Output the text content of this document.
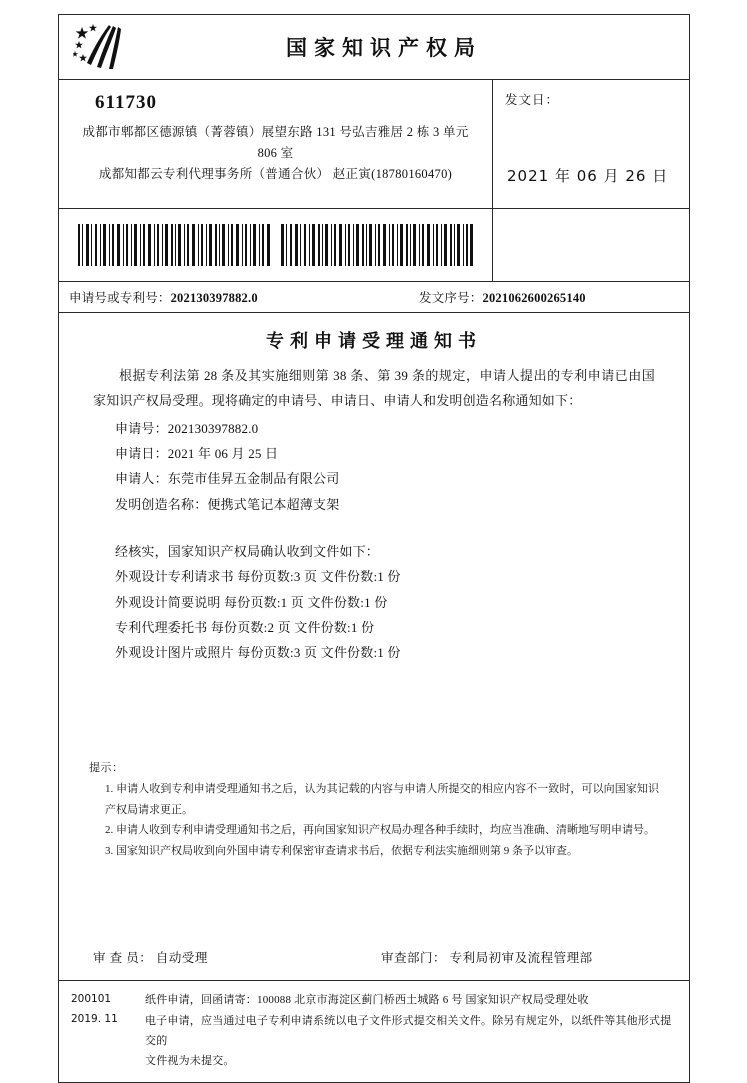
国家知识产权局
611730
成都市郫都区德源镇（菁蓉镇）展望东路 131 号弘吉雅居 2 栋 3 单元
806 室
成都知都云专利代理事务所（普通合伙） 赵正寅(18780160470)
发文日：
2021 年 06 月 26 日
申请号或专利号：202130397882.0	发文序号：2021062600265140
专利申请受理通知书
根据专利法第 28 条及其实施细则第 38 条、第 39 条的规定，申请人提出的专利申请已由国家知识产权局受理。现将确定的申请号、申请日、申请人和发明创造名称通知如下：
申请号：202130397882.0
申请日：2021 年 06 月 25 日
申请人：东莞市佳昇五金制品有限公司
发明创造名称：便携式笔记本超薄支架
经核实，国家知识产权局确认收到文件如下：
外观设计专利请求书 每份页数:3 页 文件份数:1 份
外观设计简要说明 每份页数:1 页 文件份数:1 份
专利代理委托书 每份页数:2 页 文件份数:1 份
外观设计图片或照片 每份页数:3 页 文件份数:1 份
提示：
1. 申请人收到专利申请受理通知书之后，认为其记载的内容与申请人所提交的相应内容不一致时，可以向国家知识产权局请求更正。
2. 申请人收到专利申请受理通知书之后，再向国家知识产权局办理各种手续时，均应当准确、清晰地写明申请号。
3. 国家知识产权局收到向外国申请专利保密审查请求书后，依据专利法实施细则第 9 条予以审查。
审 查 员： 自动受理	审查部门： 专利局初审及流程管理部
200101
2019. 11
纸件申请，回函请寄：100088 北京市海淀区蓟门桥西土城路 6 号 国家知识产权局受理处收
电子申请，应当通过电子专利申请系统以电子文件形式提交相关文件。除另有规定外，以纸件等其他形式提交的
文件视为未提交。
